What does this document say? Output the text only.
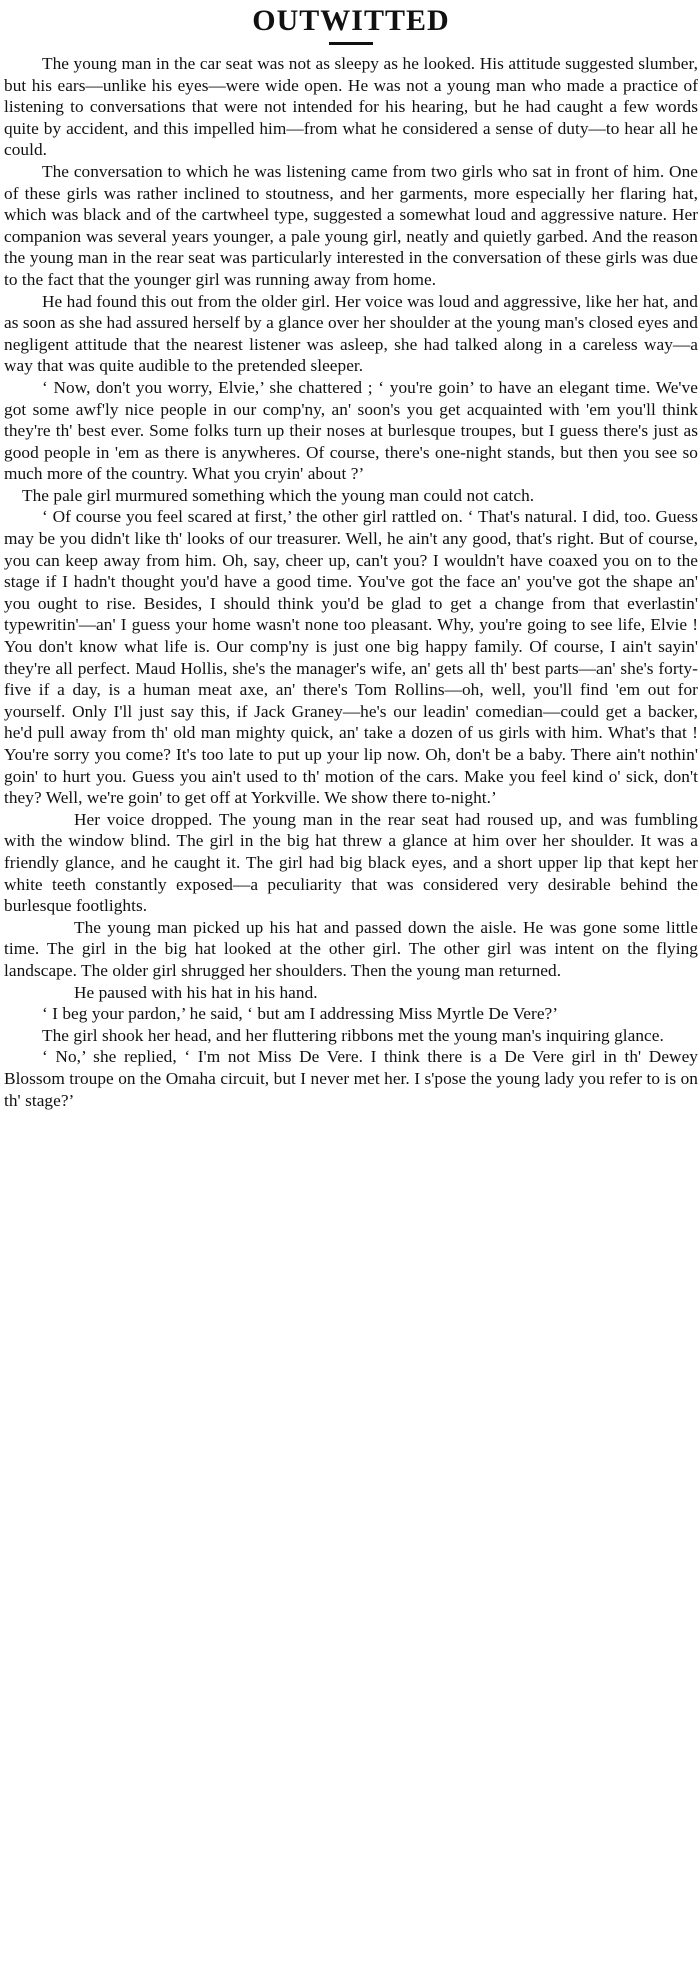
OUTWITTED

The young man in the car seat was not as sleepy as he looked. His attitude suggested slumber, but his ears—unlike his eyes—were wide open. He was not a young man who made a practice of listening to conversations that were not intended for his hearing, but he had caught a few words quite by accident, and this impelled him—from what he considered a sense of duty—to hear all he could.

The conversation to which he was listening came from two girls who sat in front of him. One of these girls was rather inclined to stoutness, and her garments, more especially her flaring hat, which was black and of the cartwheel type, suggested a somewhat loud and aggressive nature. Her companion was several years younger, a pale young girl, neatly and quietly garbed. And the reason the young man in the rear seat was particularly interested in the conversation of these girls was due to the fact that the younger girl was running away from home.

He had found this out from the older girl. Her voice was loud and aggressive, like her hat, and as soon as she had assured herself by a glance over her shoulder at the young man's closed eyes and negligent attitude that the nearest listener was asleep, she had talked along in a careless way—a way that was quite audible to the pretended sleeper.

‘ Now, don't you worry, Elvie,’ she chattered ; ‘ you're goin’ to have an elegant time. We've got some awf'ly nice people in our comp'ny, an' soon's you get acquainted with 'em you'll think they're th' best ever. Some folks turn up their noses at burlesque troupes, but I guess there's just as good people in 'em as there is anywheres. Of course, there's one-night stands, but then you see so much more of the country. What you cryin' about ?’

The pale girl murmured something which the young man could not catch.

‘ Of course you feel scared at first,’ the other girl rattled on. ‘ That's natural. I did, too. Guess may be you didn't like th' looks of our treasurer. Well, he ain't any good, that's right. But of course, you can keep away from him. Oh, say, cheer up, can't you? I wouldn't have coaxed you on to the stage if I hadn't thought you'd have a good time. You've got the face an' you've got the shape an' you ought to rise. Besides, I should think you'd be glad to get a change from that everlastin' typewritin'—an' I guess your home wasn't none too pleasant. Why, you're going to see life, Elvie ! You don't know what life is. Our comp'ny is just one big happy family. Of course, I ain't sayin' they're all perfect. Maud Hollis, she's the manager's wife, an' gets all th' best parts—an' she's forty-five if a day, is a human meat axe, an' there's Tom Rollins—oh, well, you'll find 'em out for yourself. Only I'll just say this, if Jack Graney—he's our leadin' comedian—could get a backer, he'd pull away from th' old man mighty quick, an' take a dozen of us girls with him. What's that ! You're sorry you come? It's too late to put up your lip now. Oh, don't be a baby. There ain't nothin' goin' to hurt you. Guess you ain't used to th' motion of the cars. Make you feel kind o' sick, don't they? Well, we're goin' to get off at Yorkville. We show there to-night.’

Her voice dropped. The young man in the rear seat had roused up, and was fumbling with the window blind. The girl in the big hat threw a glance at him over her shoulder. It was a friendly glance, and he caught it. The girl had big black eyes, and a short upper lip that kept her white teeth constantly exposed—a peculiarity that was considered very desirable behind the burlesque footlights.

The young man picked up his hat and passed down the aisle. He was gone some little time. The girl in the big hat looked at the other girl. The other girl was intent on the flying landscape. The older girl shrugged her shoulders. Then the young man returned.

He paused with his hat in his hand.

‘ I beg your pardon,’ he said, ‘ but am I addressing Miss Myrtle De Vere?’

The girl shook her head, and her fluttering ribbons met the young man's inquiring glance.

‘ No,’ she replied, ‘ I'm not Miss De Vere. I think there is a De Vere girl in th' Dewey Blossom troupe on the Omaha circuit, but I never met her. I s'pose the young lady you refer to is on th' stage?’
